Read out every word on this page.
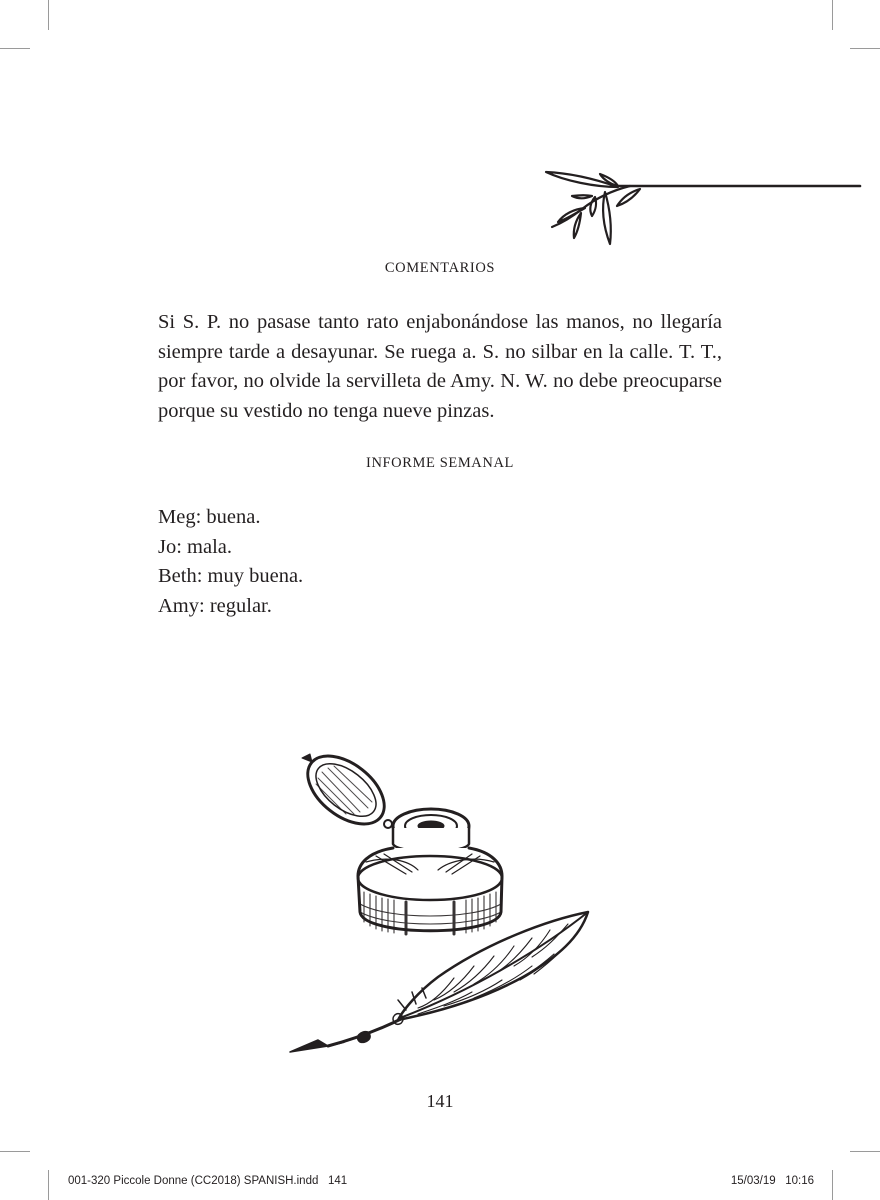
COMENTARIOS

Si S. P. no pasase tanto rato enjabonándose las manos, no llegaría siempre tarde a desayunar. Se ruega a. S. no silbar en la calle. T. T., por favor, no olvide la servilleta de Amy. N. W. no debe preocuparse porque su vestido no tenga nueve pinzas.

INFORME SEMANAL
Meg: buena.
Jo: mala.
Beth: muy buena.
Amy: regular.
141
001-320 Piccole Donne (CC2018) SPANISH.indd   141	15/03/19   10:16
